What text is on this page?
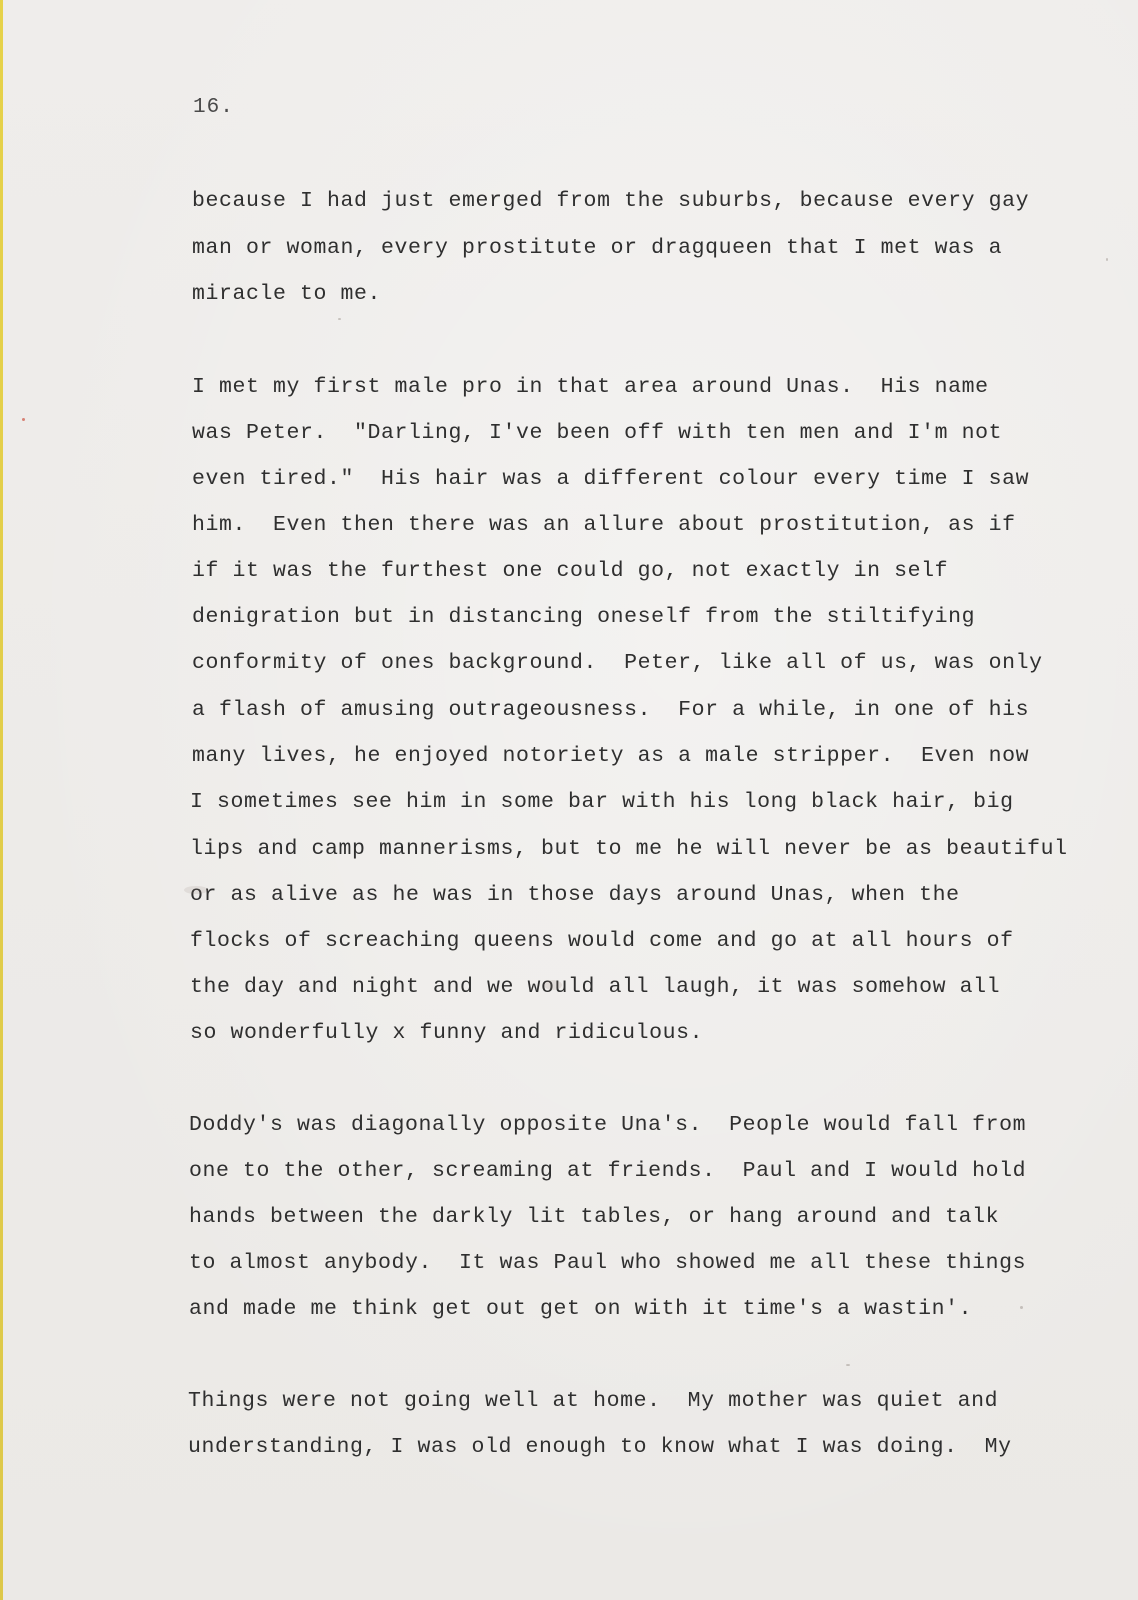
16.
because I had just emerged from the suburbs, because every gay
man or woman, every prostitute or dragqueen that I met was a
miracle to me.
I met my first male pro in that area around Unas.  His name
was Peter.  "Darling, I've been off with ten men and I'm not
even tired."  His hair was a different colour every time I saw
him.  Even then there was an allure about prostitution, as if
if it was the furthest one could go, not exactly in self
denigration but in distancing oneself from the stiltifying
conformity of ones background.  Peter, like all of us, was only
a flash of amusing outrageousness.  For a while, in one of his
many lives, he enjoyed notoriety as a male stripper.  Even now
I sometimes see him in some bar with his long black hair, big
lips and camp mannerisms, but to me he will never be as beautiful
or as alive as he was in those days around Unas, when the
flocks of screaching queens would come and go at all hours of
the day and night and we would all laugh, it was somehow all
so wonderfully x funny and ridiculous.
Doddy's was diagonally opposite Una's.  People would fall from
one to the other, screaming at friends.  Paul and I would hold
hands between the darkly lit tables, or hang around and talk
to almost anybody.  It was Paul who showed me all these things
and made me think get out get on with it time's a wastin'.
Things were not going well at home.  My mother was quiet and
understanding, I was old enough to know what I was doing.  My
